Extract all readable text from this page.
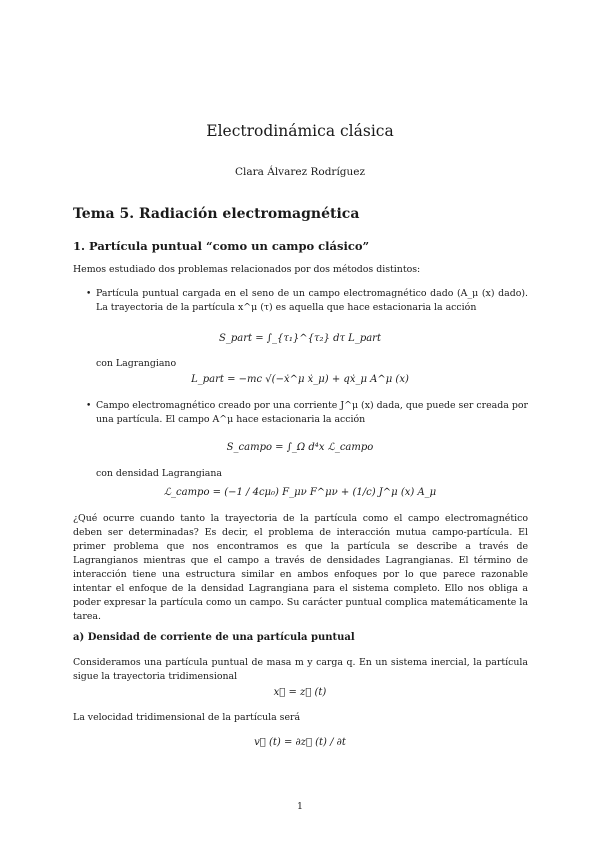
Electrodinámica clásica
Clara Álvarez Rodríguez
Tema 5. Radiación electromagnética
1. Partícula puntual “como un campo clásico”
Hemos estudiado dos problemas relacionados por dos métodos distintos:
• Partícula puntual cargada en el seno de un campo electromagnético dado (A_μ (x) dado). La trayectoria de la partícula x^μ (τ) es aquella que hace estacionaria la acción
S_part = ∫_{τ₁}^{τ₂} dτ L_part
con Lagrangiano
L_part = −mc √(−ẋ^μ ẋ_μ) + qẋ_μ A^μ (x)
• Campo electromagnético creado por una corriente J^μ (x) dada, que puede ser creada por una partícula. El campo A^μ hace estacionaria la acción
S_campo = ∫_Ω d⁴x ℒ_campo
con densidad Lagrangiana
ℒ_campo = (−1 / 4cμ₀) F_μν F^μν + (1/c) J^μ (x) A_μ
¿Qué ocurre cuando tanto la trayectoria de la partícula como el campo electromagnético deben ser determinadas? Es decir, el problema de interacción mutua campo-partícula. El primer problema que nos encontramos es que la partícula se describe a través de Lagrangianos mientras que el campo a través de densidades Lagrangianas. El término de interacción tiene una estructura similar en ambos enfoques por lo que parece razonable intentar el enfoque de la densidad Lagrangiana para el sistema completo. Ello nos obliga a poder expresar la partícula como un campo. Su carácter puntual complica matemáticamente la tarea.
a) Densidad de corriente de una partícula puntual
Consideramos una partícula puntual de masa m y carga q. En un sistema inercial, la partícula sigue la trayectoria tridimensional
x⃗ = z⃗ (t)
La velocidad tridimensional de la partícula será
v⃗ (t) = ∂z⃗ (t) / ∂t
1
